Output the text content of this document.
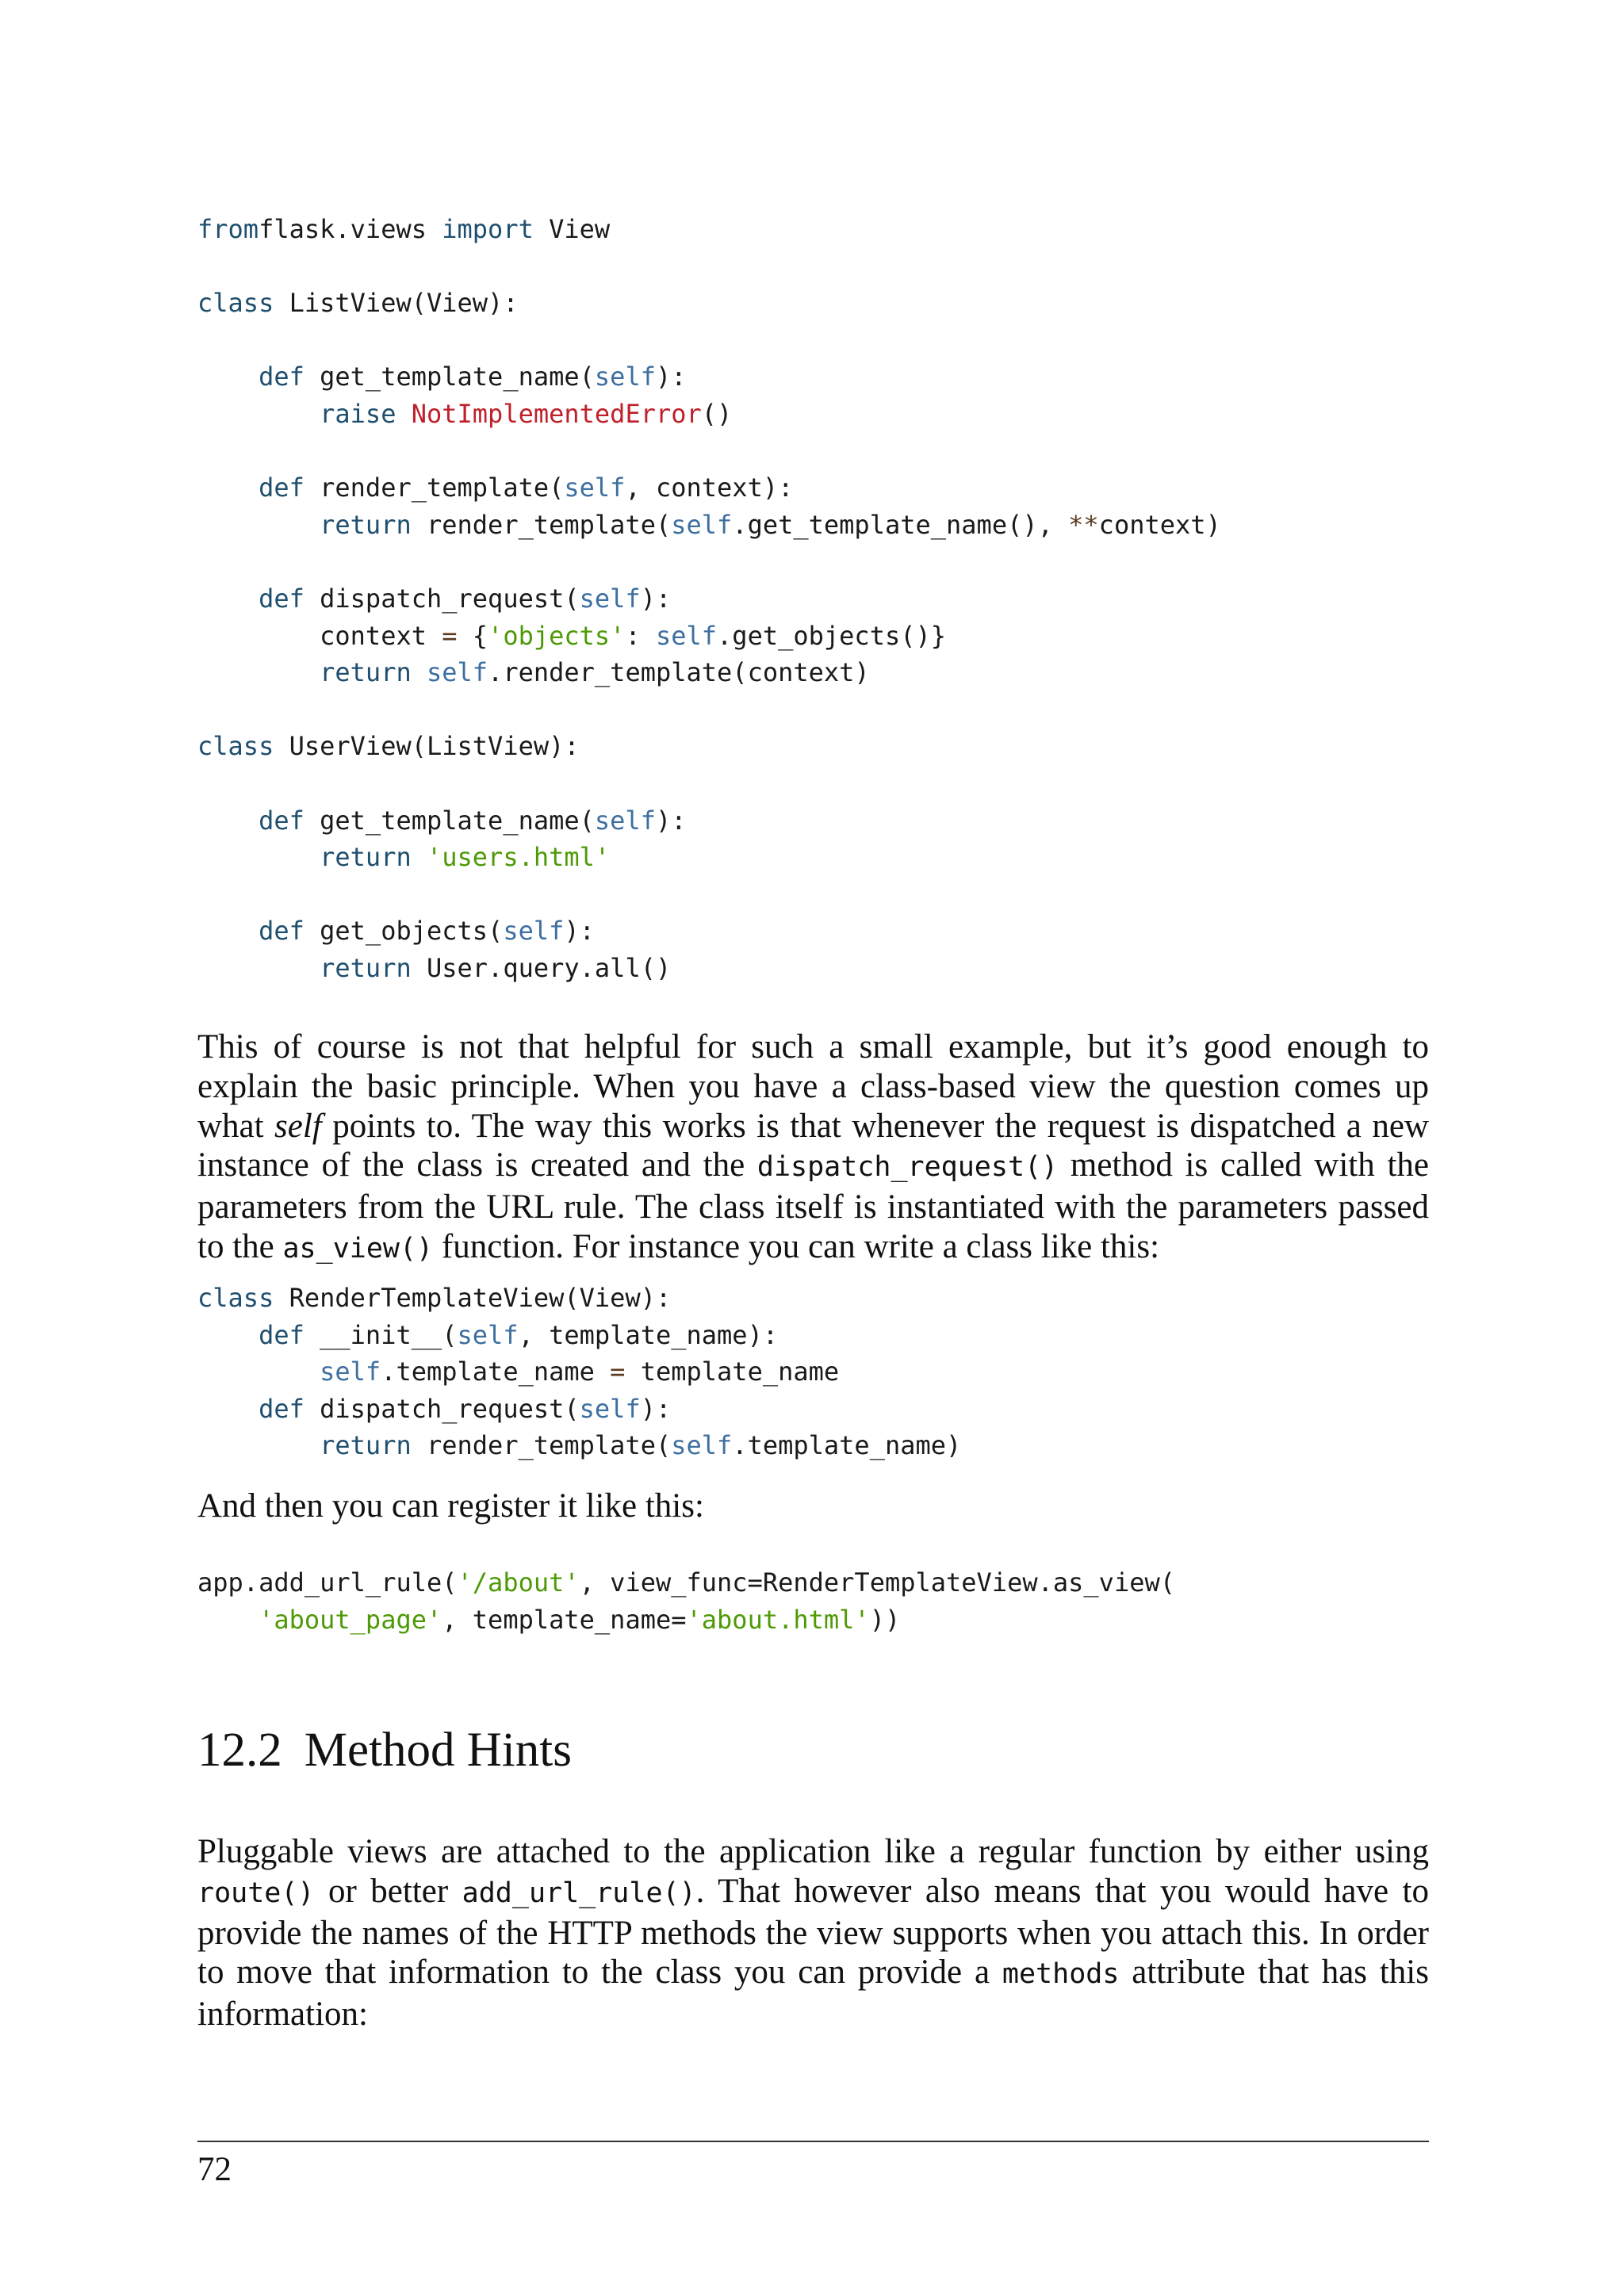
fromflask.views import View

class ListView(View):

def get_template_name(self):
raise NotImplementedError()

def render_template(self, context):
return render_template(self.get_template_name(), **context)

def dispatch_request(self):
context = {'objects': self.get_objects()}
return self.render_template(context)

class UserView(ListView):

def get_template_name(self):
return 'users.html'

def get_objects(self):
return User.query.all()

This of course is not that helpful for such a small example, but it’s good enough to explain the basic principle. When you have a class-based view the question comes up what self points to. The way this works is that whenever the request is dispatched a new instance of the class is created and the dispatch_request() method is called with the parameters from the URL rule. The class itself is instantiated with the parameters passed to the as_view() function. For instance you can write a class like this:

class RenderTemplateView(View):
def __init__(self, template_name):
self.template_name = template_name
def dispatch_request(self):
return render_template(self.template_name)

And then you can register it like this:

app.add_url_rule('/about', view_func=RenderTemplateView.as_view(
'about_page', template_name='about.html'))
12.2 Method Hints

Pluggable views are attached to the application like a regular function by either using route() or better add_url_rule(). That however also means that you would have to provide the names of the HTTP methods the view supports when you attach this. In order to move that information to the class you can provide a methods attribute that has this information:

72
